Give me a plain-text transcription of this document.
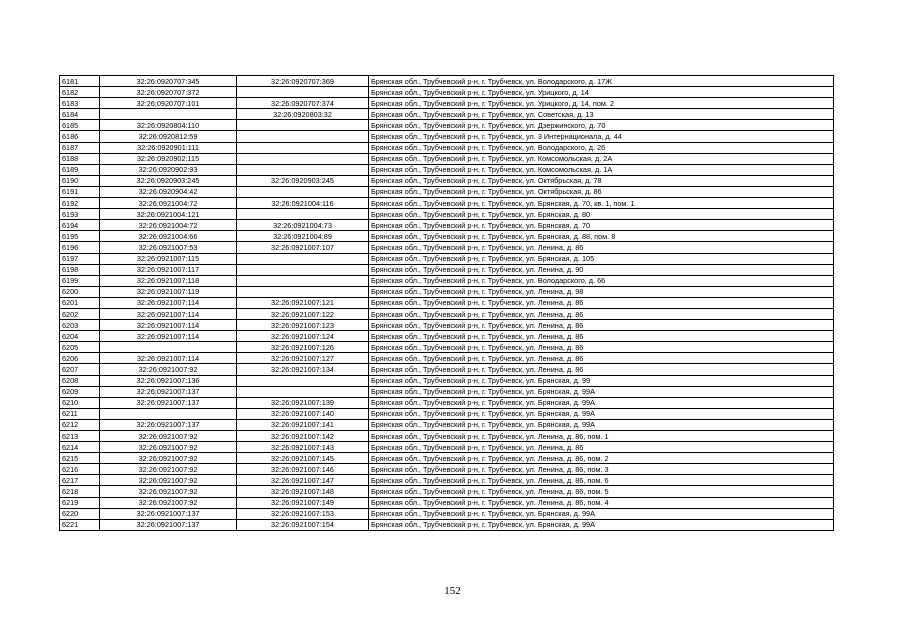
6181	32:26:0920707:345	32:26:0920707:369	Брянская обл., Трубчевский р-н, г. Трубчевск, ул. Володарского, д. 17Ж
6182	32:26:0920707:372		Брянская обл., Трубчевский р-н, г. Трубчевск, ул. Урицкого, д. 14
6183	32:26:0920707:101	32:26:0920707:374	Брянская обл., Трубчевский р-н, г. Трубчевск, ул. Урицкого, д. 14, пом. 2
6184		32:26:0920803:32	Брянская обл., Трубчевский р-н, г. Трубчевск, ул. Советская, д. 13
6185	32:26:0920804:110		Брянская обл., Трубчевский р-н, г. Трубчевск, ул. Дзержинского, д. 70
6186	32:26:0920812:59		Брянская обл., Трубчевский р-н, г. Трубчевск, ул. 3 Интернационала, д. 44
6187	32:26:0920901:111		Брянская обл., Трубчевский р-н, г. Трубчевск, ул. Володарского, д. 26
6188	32:26:0920902:115		Брянская обл., Трубчевский р-н, г. Трубчевск, ул. Комсомольская, д. 2А
6189	32:26:0920902:93		Брянская обл., Трубчевский р-н, г. Трубчевск, ул. Комсомольская, д. 1А
6190	32:26:0920903:245	32:26:0920903:245	Брянская обл., Трубчевский р-н, г. Трубчевск, ул. Октябрьская, д. 78
6191	32:26:0920904:42		Брянская обл., Трубчевский р-н, г. Трубчевск, ул. Октябрьская, д. 86
6192	32:26:0921004:72	32:26:0921004:116	Брянская обл., Трубчевский р-н, г. Трубчевск, ул. Брянская, д. 70, кв. 1, пом. 1
6193	32:26:0921004:121		Брянская обл., Трубчевский р-н, г. Трубчевск, ул. Брянская, д. 80
6194	32:26:0921004:72	32:26:0921004:73	Брянская обл., Трубчевский р-н, г. Трубчевск, ул. Брянская, д. 70
6195	32:26:0921004:66	32:26:0921004:89	Брянская обл., Трубчевский р-н, г. Трубчевск, ул. Брянская, д. 88, пом. 8
6196	32:26:0921007:53	32:26:0921007:107	Брянская обл., Трубчевский р-н, г. Трубчевск, ул. Ленина, д. 86
6197	32:26:0921007:115		Брянская обл., Трубчевский р-н, г. Трубчевск, ул. Брянская, д. 105
6198	32:26:0921007:117		Брянская обл., Трубчевский р-н, г. Трубчевск, ул. Ленина, д. 90
6199	32:26:0921007:118		Брянская обл., Трубчевский р-н, г. Трубчевск, ул. Володарского, д. 66
6200	32:26:0921007:119		Брянская обл., Трубчевский р-н, г. Трубчевск, ул. Ленина, д. 98
6201	32:26:0921007:114	32:26:0921007:121	Брянская обл., Трубчевский р-н, г. Трубчевск, ул. Ленина, д. 86
6202	32:26:0921007:114	32:26:0921007:122	Брянская обл., Трубчевский р-н, г. Трубчевск, ул. Ленина, д. 86
6203	32:26:0921007:114	32:26:0921007:123	Брянская обл., Трубчевский р-н, г. Трубчевск, ул. Ленина, д. 86
6204	32:26:0921007:114	32:26:0921007:124	Брянская обл., Трубчевский р-н, г. Трубчевск, ул. Ленина, д. 86
6205		32:26:0921007:126	Брянская обл., Трубчевский р-н, г. Трубчевск, ул. Ленина, д. 86
6206	32:26:0921007:114	32:26:0921007:127	Брянская обл., Трубчевский р-н, г. Трубчевск, ул. Ленина, д. 86
6207	32:26:0921007:92	32:26:0921007:134	Брянская обл., Трубчевский р-н, г. Трубчевск, ул. Ленина, д. 86
6208	32:26:0921007:136		Брянская обл., Трубчевский р-н, г. Трубчевск, ул. Брянская, д. 99
6209	32:26:0921007:137		Брянская обл., Трубчевский р-н, г. Трубчевск, ул. Брянская, д. 99А
6210	32:26:0921007:137	32:26:0921007:139	Брянская обл., Трубчевский р-н, г. Трубчевск, ул. Брянская, д. 99А
6211		32:26:0921007:140	Брянская обл., Трубчевский р-н, г. Трубчевск, ул. Брянская, д. 99А
6212	32:26:0921007:137	32:26:0921007:141	Брянская обл., Трубчевский р-н, г. Трубчевск, ул. Брянская, д. 99А
6213	32:26:0921007:92	32:26:0921007:142	Брянская обл., Трубчевский р-н, г. Трубчевск, ул. Ленина, д. 86, пом. 1
6214	32:26:0921007:92	32:26:0921007:143	Брянская обл., Трубчевский р-н, г. Трубчевск, ул. Ленина, д. 86
6215	32:26:0921007:92	32:26:0921007:145	Брянская обл., Трубчевский р-н, г. Трубчевск, ул. Ленина, д. 86, пом. 2
6216	32:26:0921007:92	32:26:0921007:146	Брянская обл., Трубчевский р-н, г. Трубчевск, ул. Ленина, д. 86, пом. 3
6217	32:26:0921007:92	32:26:0921007:147	Брянская обл., Трубчевский р-н, г. Трубчевск, ул. Ленина, д. 86, пом. 6
6218	32:26:0921007:92	32:26:0921007:148	Брянская обл., Трубчевский р-н, г. Трубчевск, ул. Ленина, д. 86, пом. 5
6219	32:26:0921007:92	32:26:0921007:149	Брянская обл., Трубчевский р-н, г. Трубчевск, ул. Ленина, д. 86, пом. 4
6220	32:26:0921007:137	32:26:0921007:153	Брянская обл., Трубчевский р-н, г. Трубчевск, ул. Брянская, д. 99А
6221	32:26:0921007:137	32:26:0921007:154	Брянская обл., Трубчевский р-н, г. Трубчевск, ул. Брянская, д. 99А
152
